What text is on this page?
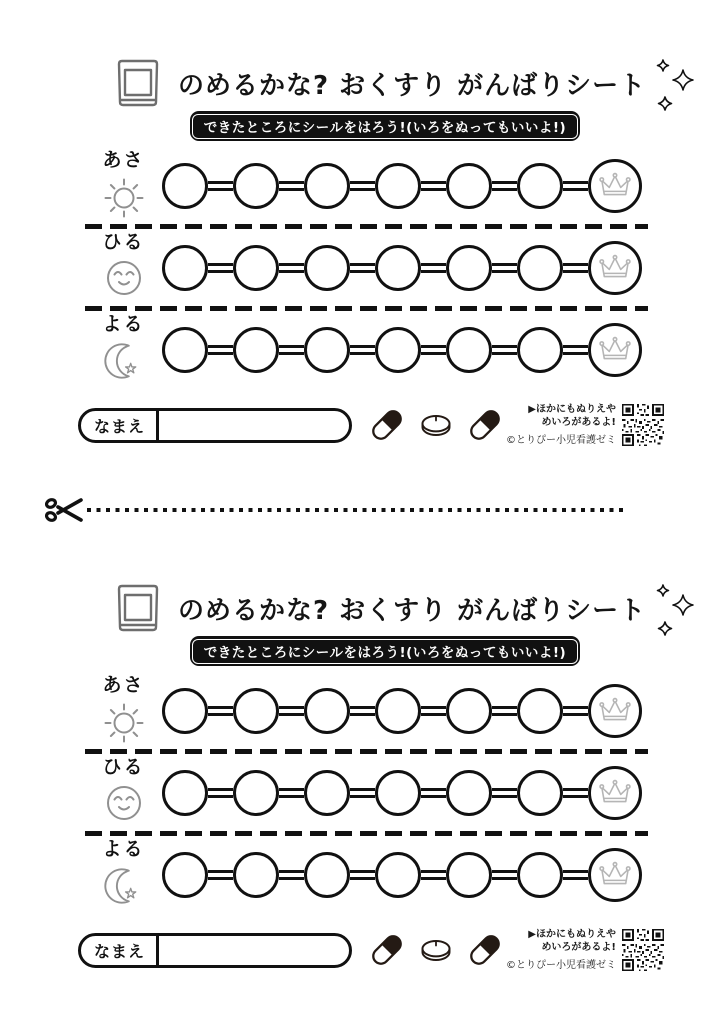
のめるかな? おくすり がんばりシート
できたところにシールをはろう!(いろをぬってもいいよ!)
あさ
ひる
よる
なまえ
▶ほかにもぬりえや
めいろがあるよ!
©とりぴー小児看護ゼミ
のめるかな? おくすり がんばりシート
できたところにシールをはろう!(いろをぬってもいいよ!)
あさ
ひる
よる
なまえ
▶ほかにもぬりえや
めいろがあるよ!
©とりぴー小児看護ゼミ
